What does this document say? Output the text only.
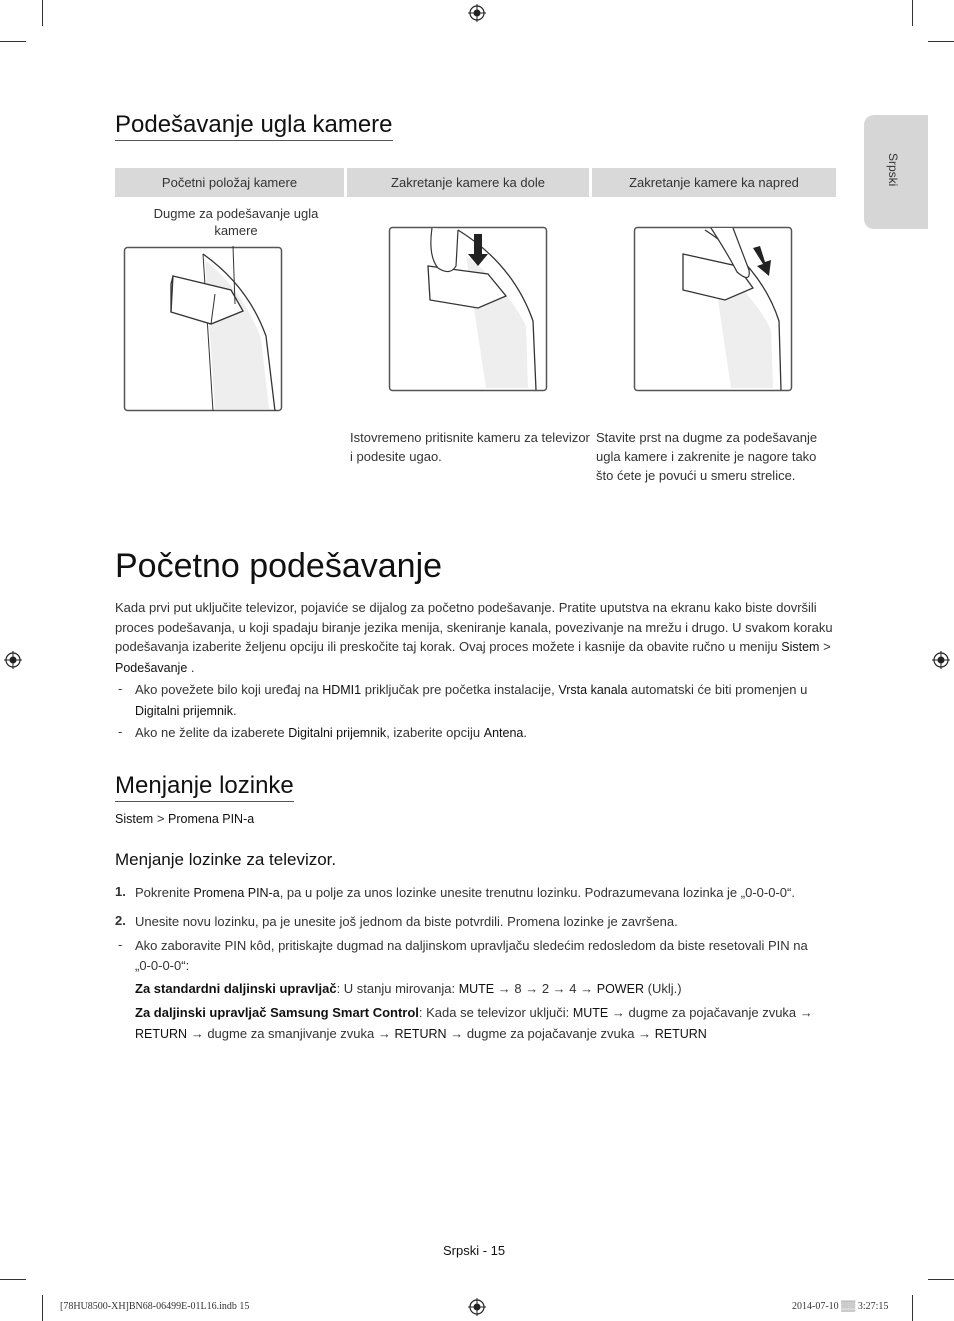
Srpski
Podešavanje ugla kamere
Početni položaj kamere	Zakretanje kamere ka dole	Zakretanje kamere ka napred
Dugme za podešavanje ugla kamere
Istovremeno pritisnite kameru za televizor i podesite ugao.
Stavite prst na dugme za podešavanje ugla kamere i zakrenite je nagore tako što ćete je povući u smeru strelice.
Početno podešavanje
Kada prvi put uključite televizor, pojaviće se dijalog za početno podešavanje. Pratite uputstva na ekranu kako biste dovršili proces podešavanja, u koji spadaju biranje jezika menija, skeniranje kanala, povezivanje na mrežu i drugo. U svakom koraku podešavanja izaberite željenu opciju ili preskočite taj korak. Ovaj proces možete i kasnije da obavite ručno u meniju Sistem >
Podešavanje .
- Ako povežete bilo koji uređaj na HDMI1 priključak pre početka instalacije, Vrsta kanala automatski će biti promenjen u
Digitalni prijemnik.
- Ako ne želite da izaberete Digitalni prijemnik, izaberite opciju Antena.
Menjanje lozinke
Sistem > Promena PIN-a
Menjanje lozinke za televizor.
1. Pokrenite Promena PIN-a, pa u polje za unos lozinke unesite trenutnu lozinku. Podrazumevana lozinka je „0-0-0-0“.
2. Unesite novu lozinku, pa je unesite još jednom da biste potvrdili. Promena lozinke je završena.
- Ako zaboravite PIN kôd, pritiskajte dugmad na daljinskom upravljaču sledećim redosledom da biste resetovali PIN na „0-0-0-0“:
Za standardni daljinski upravljač: U stanju mirovanja: MUTE → 8 → 2 → 4 → POWER (Uklj.)
Za daljinski upravljač Samsung Smart Control: Kada se televizor uključi: MUTE → dugme za pojačavanje zvuka →
RETURN → dugme za smanjivanje zvuka → RETURN → dugme za pojačavanje zvuka → RETURN
Srpski - 15
[78HU8500-XH]BN68-06499E-01L16.indb 15	2014-07-10 ▒▒ 3:27:15
